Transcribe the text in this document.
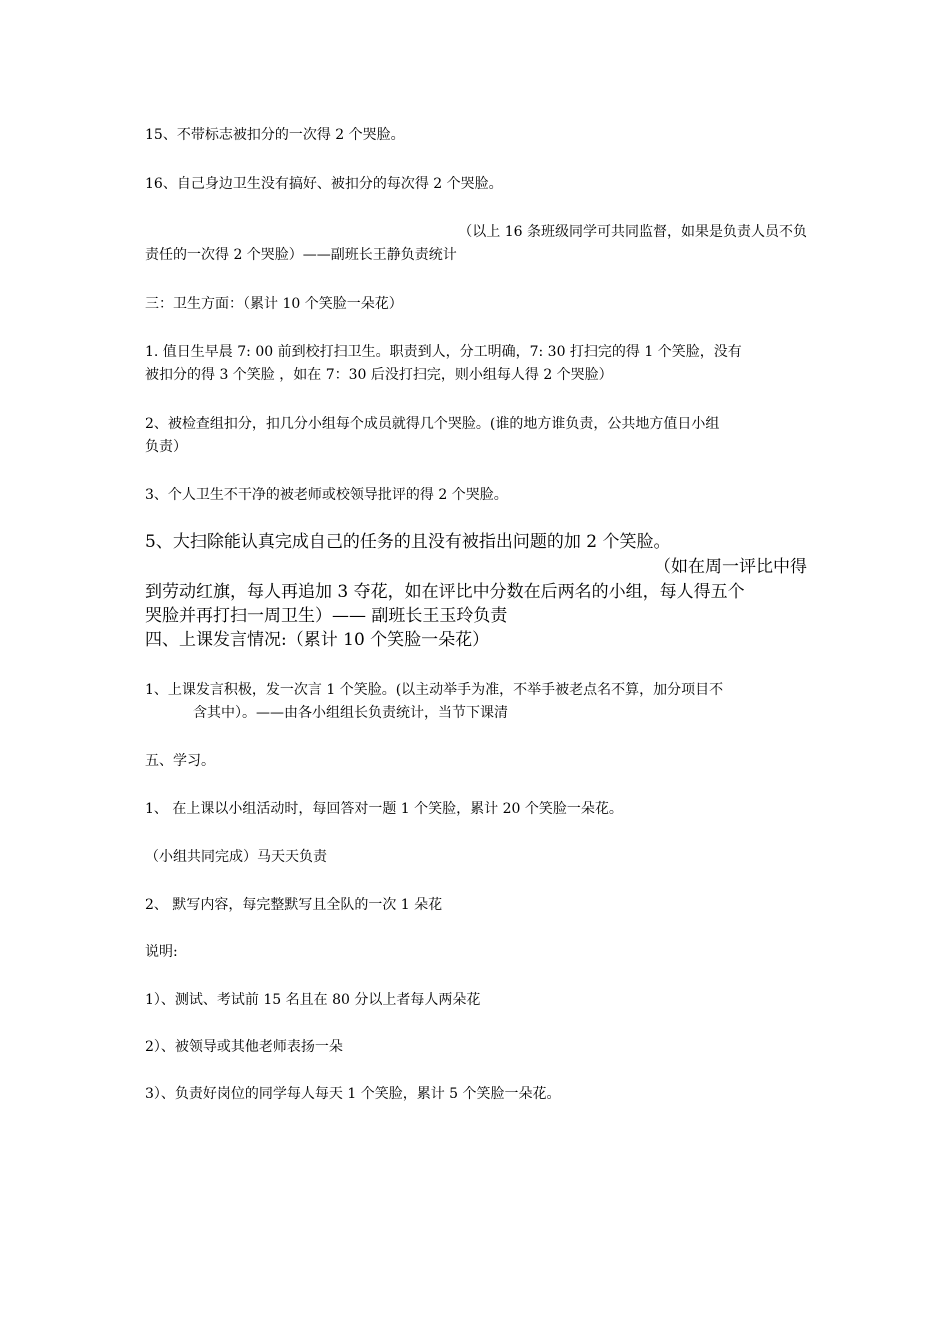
15、不带标志被扣分的一次得 2 个哭脸。

16、自己身边卫生没有搞好、被扣分的每次得 2 个哭脸。

（以上 16 条班级同学可共同监督，如果是负责人员不负

责任的一次得 2 个哭脸）——副班长王静负责统计

三：卫生方面：（累计 10 个笑脸一朵花）

1. 值日生早晨 7: 00 前到校打扫卫生。职责到人，分工明确，7: 30 打扫完的得 1 个笑脸，没有

被扣分的得 3 个笑脸 ，如在 7：30 后没打扫完，则小组每人得 2 个哭脸）

2、被检查组扣分，扣几分小组每个成员就得几个哭脸。(谁的地方谁负责，公共地方值日小组

负责）

3、个人卫生不干净的被老师或校领导批评的得 2 个哭脸。

5、大扫除能认真完成自己的任务的且没有被指出问题的加 2 个笑脸。

（如在周一评比中得

到劳动红旗，每人再追加 3 夺花，如在评比中分数在后两名的小组，每人得五个

哭脸并再打扫一周卫生）—— 副班长王玉玲负责

四、上课发言情况:（累计 10 个笑脸一朵花）

1、上课发言积极，发一次言 1 个笑脸。(以主动举手为准，不举手被老点名不算，加分项目不

含其中）。——由各小组组长负责统计，当节下课清

五、学习。

1、 在上课以小组活动时，每回答对一题 1 个笑脸，累计 20 个笑脸一朵花。

（小组共同完成）马天天负责

2、 默写内容，每完整默写且全队的一次 1 朵花

说明:

1）、测试、考试前 15 名且在 80 分以上者每人两朵花

2）、被领导或其他老师表扬一朵

3）、负责好岗位的同学每人每天 1 个笑脸，累计 5 个笑脸一朵花。
